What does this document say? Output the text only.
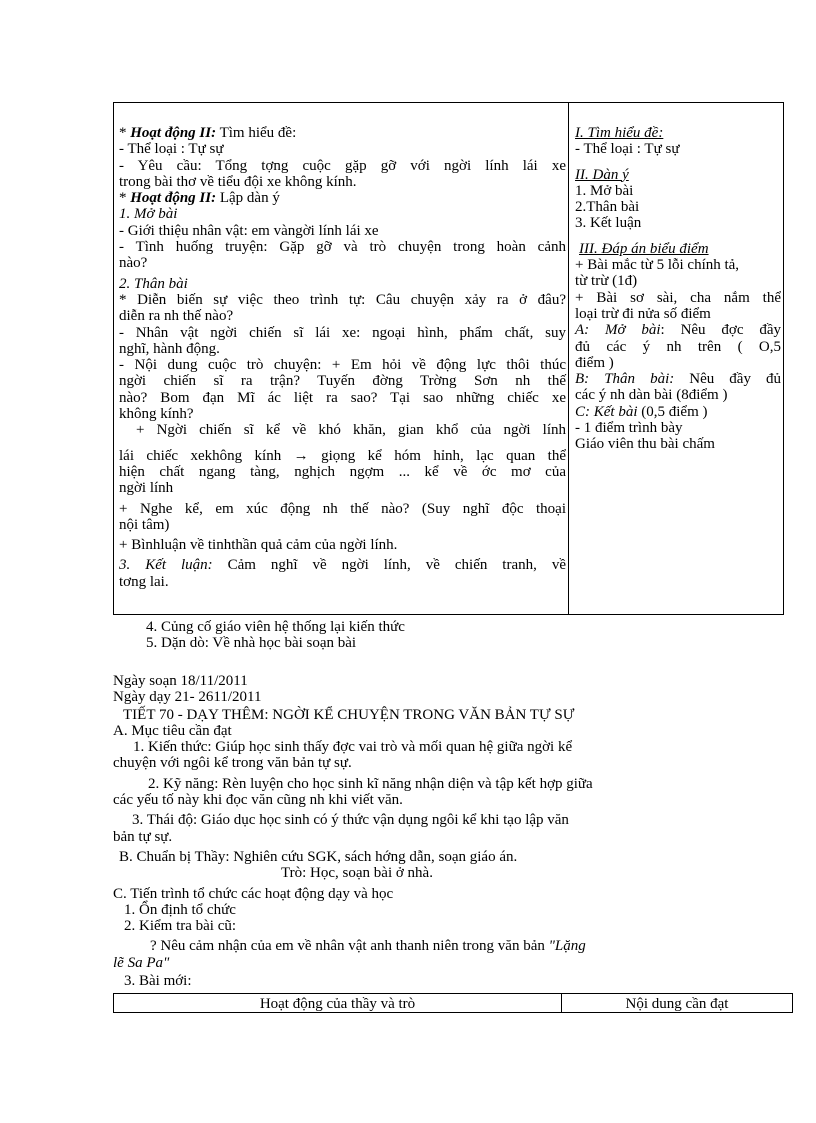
* Hoạt động II: Tìm hiểu đề:
- Thể loại : Tự sự
- Yêu cầu: Tổng tợng cuộc gặp gỡ với ngời lính lái xe
trong bài thơ về tiểu đội xe không kính.
* Hoạt động II: Lập dàn ý
1. Mở bài
- Giới thiệu nhân vật: em vàngời lính lái xe
- Tình huống truyện: Gặp gỡ và trò chuyện trong hoàn cảnh
nào?
2. Thân bài
* Diễn biến sự việc theo trình tự: Câu chuyện xảy ra ở đâu?
diễn ra nh thế nào?
- Nhân vật ngời chiến sĩ lái xe: ngoại hình, phẩm chất, suy
nghĩ, hành động.
- Nội dung cuộc trò chuyện: + Em hỏi về động lực thôi thúc
ngời chiến sĩ ra trận? Tuyến đờng Trờng Sơn nh thế
nào? Bom đạn Mĩ ác liệt ra sao? Tại sao những chiếc xe
không kính?
+ Ngời chiến sĩ kể về khó khăn, gian khổ của ngời lính
lái chiếc xekhông kính → giọng kể hóm hỉnh, lạc quan thể
hiện chất ngang tàng, nghịch ngợm ... kể về ớc mơ của
ngời lính
+ Nghe kể, em xúc động nh thế nào? (Suy nghĩ độc thoại
nội tâm)
+ Bìnhluận về tinhthần quả cảm của ngời lính.
3. Kết luận: Cảm nghĩ về ngời lính, về chiến tranh, về
tơng lai.
I. Tìm hiểu đề:
- Thể loại : Tự sự
II. Dàn ý
1. Mở bài
2.Thân bài
3. Kết luận
III. Đáp án biểu điểm
+ Bài mắc từ 5 lỗi chính tả,
từ trừ (1đ)
+ Bài sơ sài, cha nắm thể
loại trừ đi nửa số điểm
A: Mở bài: Nêu đợc đầy
đủ các ý nh trên ( O,5
điểm )
B: Thân bài: Nêu đầy đủ
các ý nh dàn bài (8điểm )
C: Kết bài (0,5 điểm )
- 1 điểm trình bày
Giáo viên thu bài chấm
4. Củng cố giáo viên hệ thống lại kiến thức
5. Dặn dò: Về nhà học bài soạn bài
Ngày soạn 18/11/2011
Ngày dạy 21- 2611/2011
TIẾT 70 - DẠY THÊM: NGỜI KỂ CHUYỆN TRONG VĂN BẢN TỰ SỰ
A. Mục tiêu cần đạt
1. Kiến thức: Giúp học sinh thấy đợc vai trò và mối quan hệ giữa ngời kể
chuyện với ngôi kể trong văn bản tự sự.
2. Kỹ năng: Rèn luyện cho học sinh kĩ năng nhận diện và tập kết hợp giữa
các yếu tố này khi đọc văn cũng nh khi viết văn.
3. Thái độ: Giáo dục học sinh có ý thức vận dụng ngôi kể khi tạo lập văn
bản tự sự.
B. Chuẩn bị Thầy: Nghiên cứu SGK, sách hớng dẫn, soạn giáo án.
Trò: Học, soạn bài ở nhà.
C. Tiến trình tổ chức các hoạt động dạy và học
1. Ổn định tổ chức
2. Kiểm tra bài cũ:
? Nêu cảm nhận của em về nhân vật anh thanh niên trong văn bản "Lặng
lẽ Sa Pa"
3. Bài mới:
Hoạt động của thầy và trò	Nội dung cần đạt
